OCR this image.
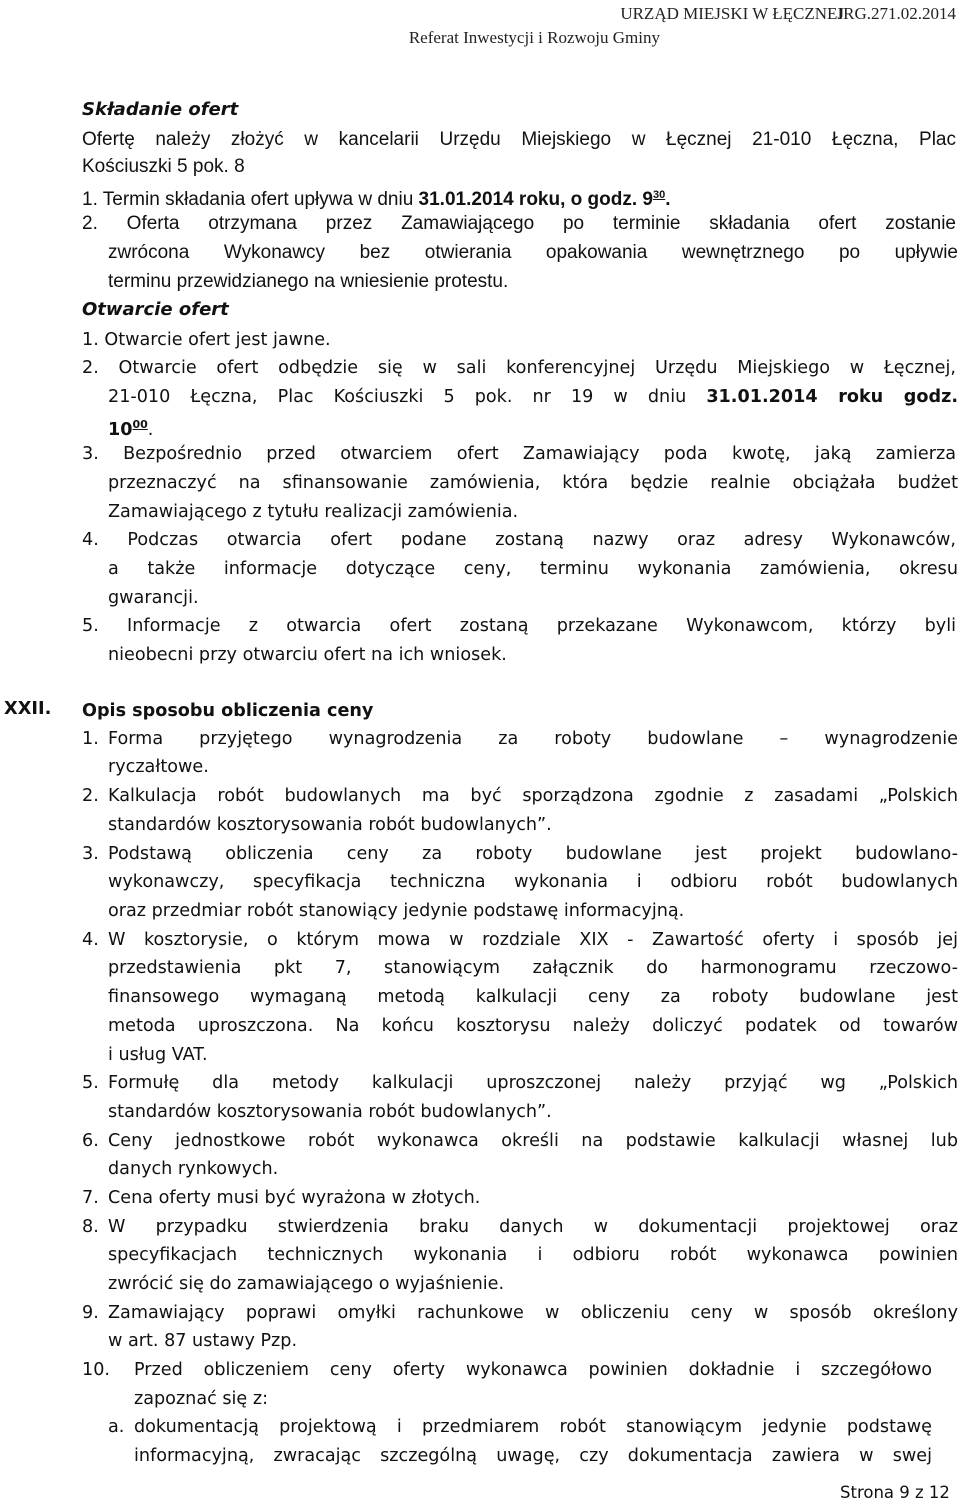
IRG.271.02.2014
URZĄD MIEJSKI W ŁĘCZNEJ
Referat Inwestycji i Rozwoju Gminy
Składanie ofert
Ofertę należy złożyć w kancelarii Urzędu Miejskiego w Łęcznej 21-010 Łęczna, Plac
Kościuszki 5 pok. 8
1. Termin składania ofert upływa w dniu 31.01.2014 roku, o godz. $9^{30}$.
2. Oferta otrzymana przez Zamawiającego po terminie składania ofert zostanie
zwrócona Wykonawcy bez otwierania opakowania wewnętrznego po upływie
terminu przewidzianego na wniesienie protestu.
Otwarcie ofert
1. Otwarcie ofert jest jawne.
2. Otwarcie ofert odbędzie się w sali konferencyjnej Urzędu Miejskiego w Łęcznej,
21-010 Łęczna, Plac Kościuszki 5 pok. nr 19 w dniu 31.01.2014 roku godz.
$10^{00}$.
3. Bezpośrednio przed otwarciem ofert Zamawiający poda kwotę, jaką zamierza
przeznaczyć na sfinansowanie zamówienia, która będzie realnie obciążała budżet
Zamawiającego z tytułu realizacji zamówienia.
4. Podczas otwarcia ofert podane zostaną nazwy oraz adresy Wykonawców,
a także informacje dotyczące ceny, terminu wykonania zamówienia, okresu
gwarancji.
5. Informacje z otwarcia ofert zostaną przekazane Wykonawcom, którzy byli
nieobecni przy otwarciu ofert na ich wniosek.
XXII. Opis sposobu obliczenia ceny
1. Forma przyjętego wynagrodzenia za roboty budowlane – wynagrodzenie
ryczałtowe.
2. Kalkulacja robót budowlanych ma być sporządzona zgodnie z zasadami „Polskich
standardów kosztorysowania robót budowlanych”.
3. Podstawą obliczenia ceny za roboty budowlane jest projekt budowlano-
wykonawczy, specyfikacja techniczna wykonania i odbioru robót budowlanych
oraz przedmiar robót stanowiący jedynie podstawę informacyjną.
4. W kosztorysie, o którym mowa w rozdziale XIX - Zawartość oferty i sposób jej
przedstawienia pkt 7, stanowiącym załącznik do harmonogramu rzeczowo-
finansowego wymaganą metodą kalkulacji ceny za roboty budowlane jest
metoda uproszczona. Na końcu kosztorysu należy doliczyć podatek od towarów
i usług VAT.
5. Formułę dla metody kalkulacji uproszczonej należy przyjąć wg „Polskich
standardów kosztorysowania robót budowlanych”.
6. Ceny jednostkowe robót wykonawca określi na podstawie kalkulacji własnej lub
danych rynkowych.
7. Cena oferty musi być wyrażona w złotych.
8. W przypadku stwierdzenia braku danych w dokumentacji projektowej oraz
specyfikacjach technicznych wykonania i odbioru robót wykonawca powinien
zwrócić się do zamawiającego o wyjaśnienie.
9. Zamawiający poprawi omyłki rachunkowe w obliczeniu ceny w sposób określony
w art. 87 ustawy Pzp.
10. Przed obliczeniem ceny oferty wykonawca powinien dokładnie i szczegółowo
zapoznać się z:
a. dokumentacją projektową i przedmiarem robót stanowiącym jedynie podstawę
informacyjną, zwracając szczególną uwagę, czy dokumentacja zawiera w swej
Strona 9 z 12
